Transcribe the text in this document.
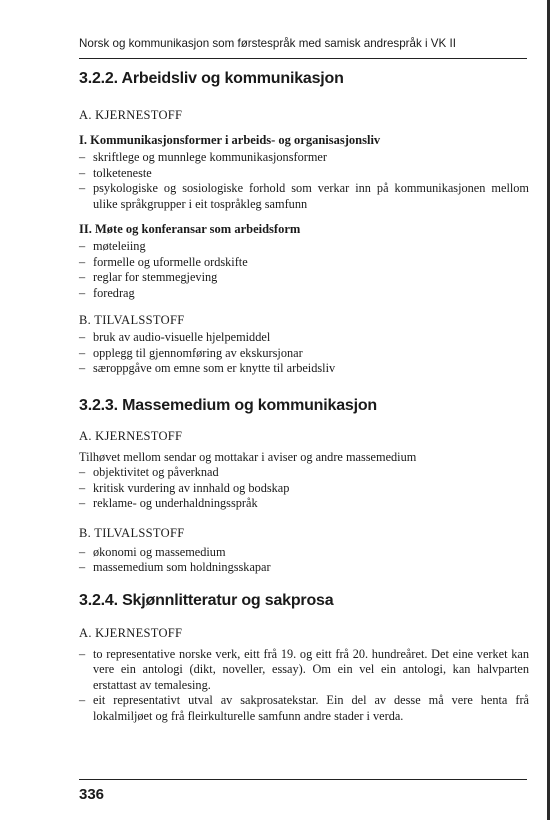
Norsk og kommunikasjon som førstespråk med samisk andrespråk i VK II
3.2.2. Arbeidsliv og kommunikasjon
A. KJERNESTOFF
I. Kommunikasjonsformer i arbeids- og organisasjonsliv
– skriftlege og munnlege kommunikasjonsformer
– tolketeneste
– psykologiske og sosiologiske forhold som verkar inn på kommunikasjonen mellom ulike språkgrupper i eit tospråkleg samfunn
II. Møte og konferansar som arbeidsform
– møteleiing
– formelle og uformelle ordskifte
– reglar for stemmegjeving
– foredrag
B. TILVALSSTOFF
– bruk av audio-visuelle hjelpemiddel
– opplegg til gjennomføring av ekskursjonar
– særoppgåve om emne som er knytte til arbeidsliv
3.2.3. Massemedium og kommunikasjon
A. KJERNESTOFF
Tilhøvet mellom sendar og mottakar i aviser og andre massemedium
– objektivitet og påverknad
– kritisk vurdering av innhald og bodskap
– reklame- og underhaldningsspråk
B. TILVALSSTOFF
– økonomi og massemedium
– massemedium som holdningsskapar
3.2.4. Skjønnlitteratur og sakprosa
A. KJERNESTOFF
– to representative norske verk, eitt frå 19. og eitt frå 20. hundreåret. Det eine verket kan vere ein antologi (dikt, noveller, essay). Om ein vel ein antologi, kan halvparten erstattast av temalesing.
– eit representativt utval av sakprosatekstar. Ein del av desse må vere henta frå lokalmiljøet og frå fleirkulturelle samfunn andre stader i verda.
336
